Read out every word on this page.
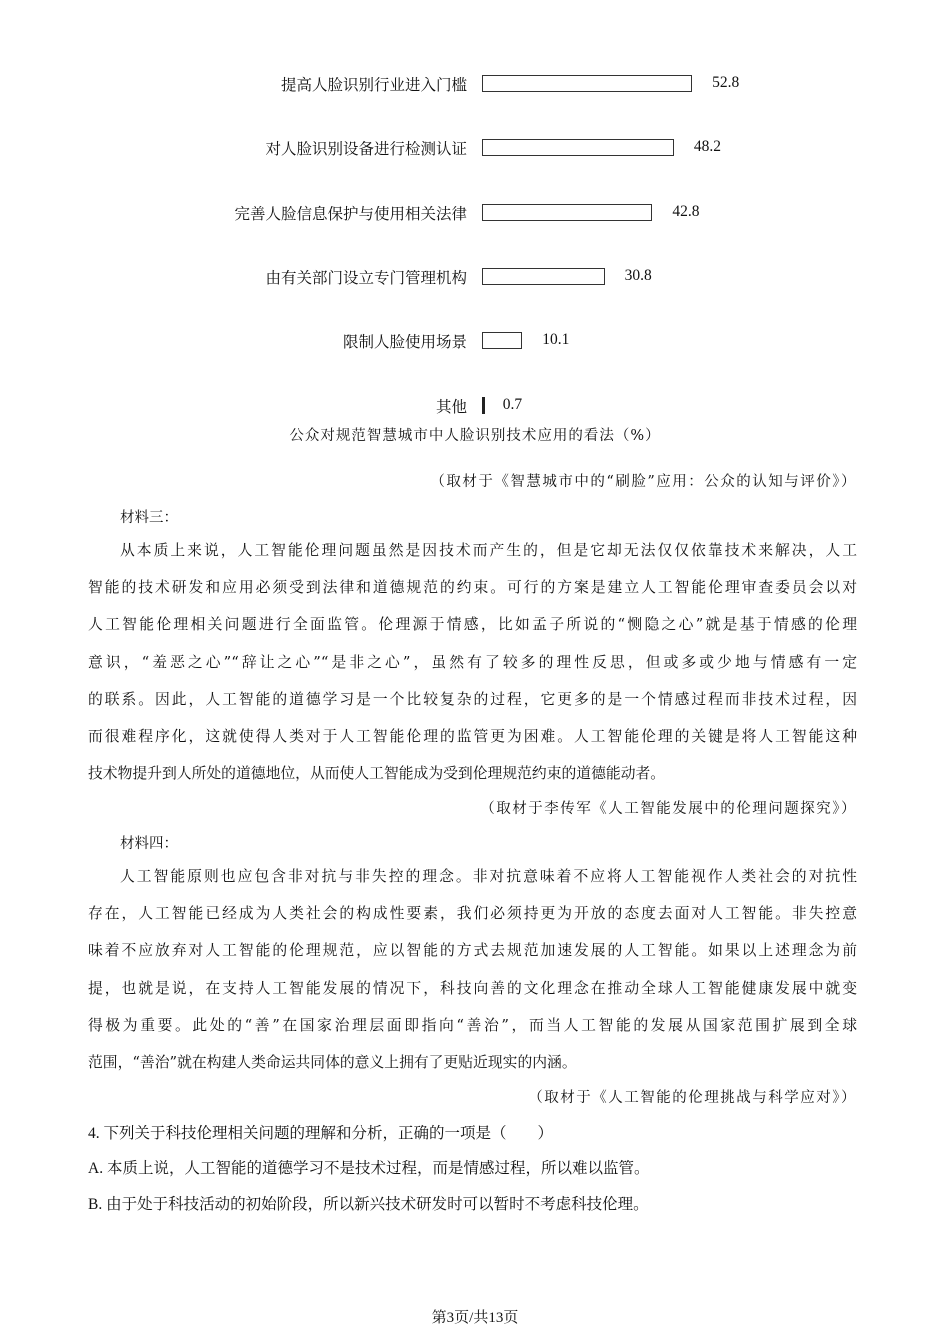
提高人脸识别行业进入门槛	52.8
对人脸识别设备进行检测认证	48.2
完善人脸信息保护与使用相关法律	42.8
由有关部门设立专门管理机构	30.8
限制人脸使用场景	10.1
其他 0.7
公众对规范智慧城市中人脸识别技术应用的看法（%）
（取材于《智慧城市中的“刷脸”应用：公众的认知与评价》）
材料三：
从本质上来说，人工智能伦理问题虽然是因技术而产生的，但是它却无法仅仅依靠技术来解决，人工
智能的技术研发和应用必须受到法律和道德规范的约束。可行的方案是建立人工智能伦理审查委员会以对
人工智能伦理相关问题进行全面监管。伦理源于情感，比如孟子所说的“恻隐之心”就是基于情感的伦理
意识，“羞恶之心”“辞让之心”“是非之心”，虽然有了较多的理性反思，但或多或少地与情感有一定
的联系。因此，人工智能的道德学习是一个比较复杂的过程，它更多的是一个情感过程而非技术过程，因
而很难程序化，这就使得人类对于人工智能伦理的监管更为困难。人工智能伦理的关键是将人工智能这种
技术物提升到人所处的道德地位，从而使人工智能成为受到伦理规范约束的道德能动者。
（取材于李传军《人工智能发展中的伦理问题探究》）
材料四：
人工智能原则也应包含非对抗与非失控的理念。非对抗意味着不应将人工智能视作人类社会的对抗性
存在，人工智能已经成为人类社会的构成性要素，我们必须持更为开放的态度去面对人工智能。非失控意
味着不应放弃对人工智能的伦理规范，应以智能的方式去规范加速发展的人工智能。如果以上述理念为前
提，也就是说，在支持人工智能发展的情况下，科技向善的文化理念在推动全球人工智能健康发展中就变
得极为重要。此处的“善”在国家治理层面即指向“善治”，而当人工智能的发展从国家范围扩展到全球
范围，“善治”就在构建人类命运共同体的意义上拥有了更贴近现实的内涵。
（取材于《人工智能的伦理挑战与科学应对》）
4. 下列关于科技伦理相关问题的理解和分析，正确的一项是（　　）
A. 本质上说，人工智能的道德学习不是技术过程，而是情感过程，所以难以监管。
B. 由于处于科技活动的初始阶段，所以新兴技术研发时可以暂时不考虑科技伦理。
第3页/共13页
